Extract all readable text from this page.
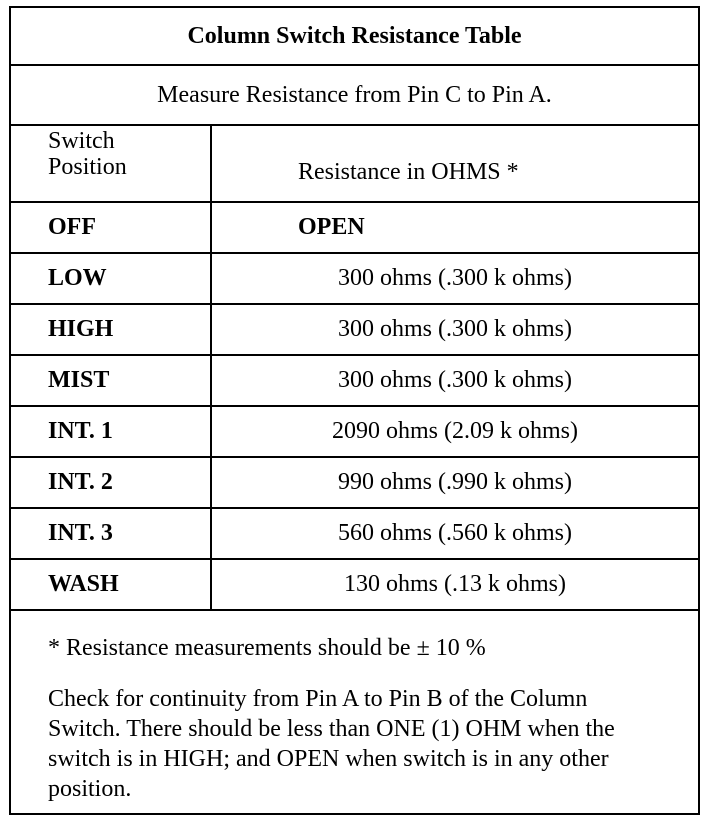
Column Switch Resistance Table
Measure Resistance from Pin C to Pin A.
Switch
Position	Resistance in OHMS *
OFF	OPEN
LOW	300 ohms (.300 k ohms)
HIGH	300 ohms (.300 k ohms)
MIST	300 ohms (.300 k ohms)
INT. 1	2090 ohms (2.09 k ohms)
INT. 2	990 ohms (.990 k ohms)
INT. 3	560 ohms (.560 k ohms)
WASH	130 ohms (.13 k ohms)

* Resistance measurements should be ± 10 %

Check for continuity from Pin A to Pin B of the Column Switch. There should be less than ONE (1) OHM when the switch is in HIGH; and OPEN when switch is in any other position.
